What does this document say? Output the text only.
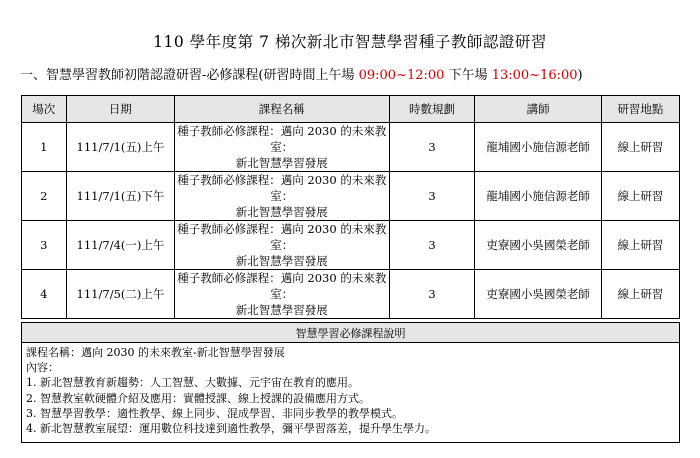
110 學年度第 7 梯次新北市智慧學習種子教師認證研習
一、智慧學習教師初階認證研習-必修課程(研習時間上午場 09:00~12:00 下午場 13:00~16:00)
場次	日期	課程名稱	時數規劃	講師	研習地點
1	111/7/1(五)上午	種子教師必修課程：邁向 2030 的未來教室：
新北智慧學習發展	3	龍埔國小施信源老師	線上研習
2	111/7/1(五)下午	種子教師必修課程：邁向 2030 的未來教室：
新北智慧學習發展	3	龍埔國小施信源老師	線上研習
3	111/7/4(一)上午	種子教師必修課程：邁向 2030 的未來教室：
新北智慧學習發展	3	吏寮國小吳國榮老師	線上研習
4	111/7/5(二)上午	種子教師必修課程：邁向 2030 的未來教室：
新北智慧學習發展	3	吏寮國小吳國榮老師	線上研習
智慧學習必修課程說明

課程名稱：邁向 2030 的未來教室-新北智慧學習發展
內容：
1. 新北智慧教育新趨勢：人工智慧、大數據、元宇宙在教育的應用。
2. 智慧教室軟硬體介紹及應用：實體授課、線上授課的設備應用方式。
3. 智慧學習教學：適性教學、線上同步、混成學習、非同步教學的教學模式。
4. 新北智慧教室展望：運用數位科技達到適性教學，彌平學習落差，提升學生學力。
